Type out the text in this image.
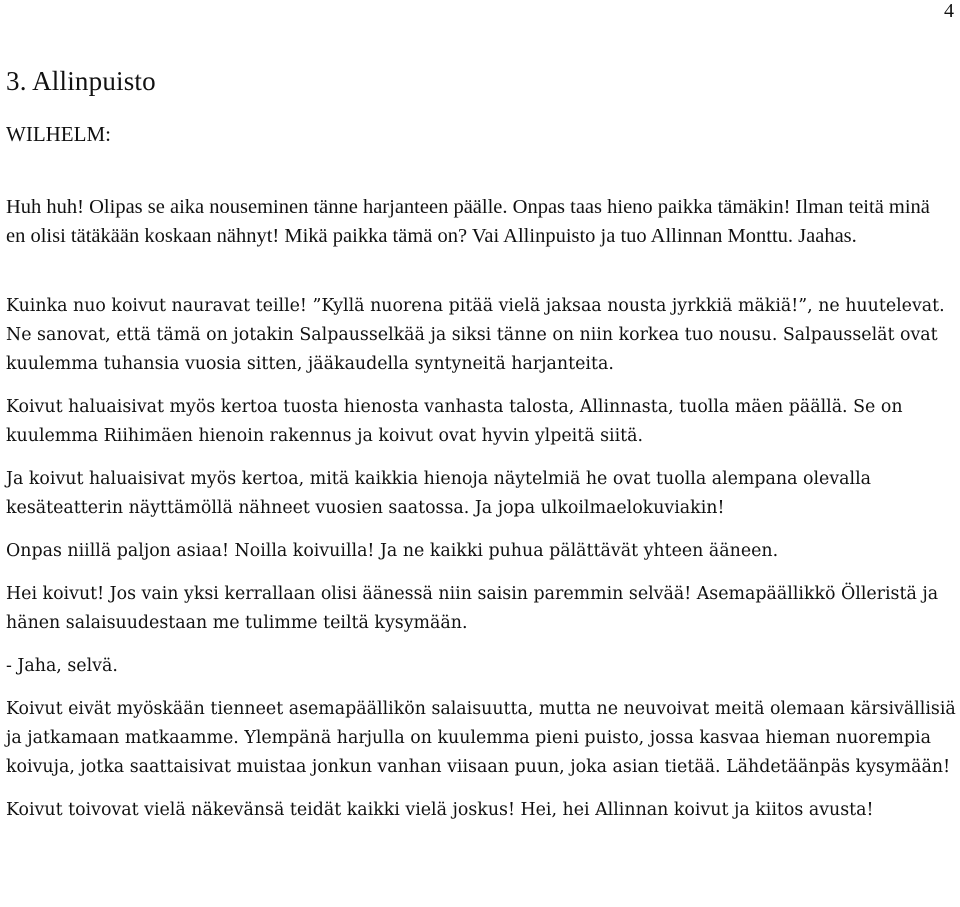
4
3. Allinpuisto

WILHELM:

Huh huh! Olipas se aika nouseminen tänne harjanteen päälle. Onpas taas hieno paikka tämäkin! Ilman teitä minä en olisi tätäkään koskaan nähnyt! Mikä paikka tämä on? Vai Allinpuisto ja tuo Allinnan Monttu. Jaahas.

Kuinka nuo koivut nauravat teille! ”Kyllä nuorena pitää vielä jaksaa nousta jyrkkiä mäkiä!”, ne huutelevat. Ne sanovat, että tämä on jotakin Salpausselkää ja siksi tänne on niin korkea tuo nousu. Salpausselät ovat kuulemma tuhansia vuosia sitten, jääkaudella syntyneitä harjanteita.

Koivut haluaisivat myös kertoa tuosta hienosta vanhasta talosta, Allinnasta, tuolla mäen päällä. Se on kuulemma Riihimäen hienoin rakennus ja koivut ovat hyvin ylpeitä siitä.

Ja koivut haluaisivat myös kertoa, mitä kaikkia hienoja näytelmiä he ovat tuolla alempana olevalla kesäteatterin näyttämöllä nähneet vuosien saatossa. Ja jopa ulkoilmaelokuviakin!

Onpas niillä paljon asiaa! Noilla koivuilla! Ja ne kaikki puhua pälättävät yhteen ääneen.

Hei koivut! Jos vain yksi kerrallaan olisi äänessä niin saisin paremmin selvää! Asemapäällikkö Ölleristä ja hänen salaisuudestaan me tulimme teiltä kysymään.

- Jaha, selvä.

Koivut eivät myöskään tienneet asemapäällikön salaisuutta, mutta ne neuvoivat meitä olemaan kärsivällisiä ja jatkamaan matkaamme. Ylempänä harjulla on kuulemma pieni puisto, jossa kasvaa hieman nuorempia koivuja, jotka saattaisivat muistaa jonkun vanhan viisaan puun, joka asian tietää. Lähdetäänpäs kysymään!

Koivut toivovat vielä näkevänsä teidät kaikki vielä joskus! Hei, hei Allinnan koivut ja kiitos avusta!
